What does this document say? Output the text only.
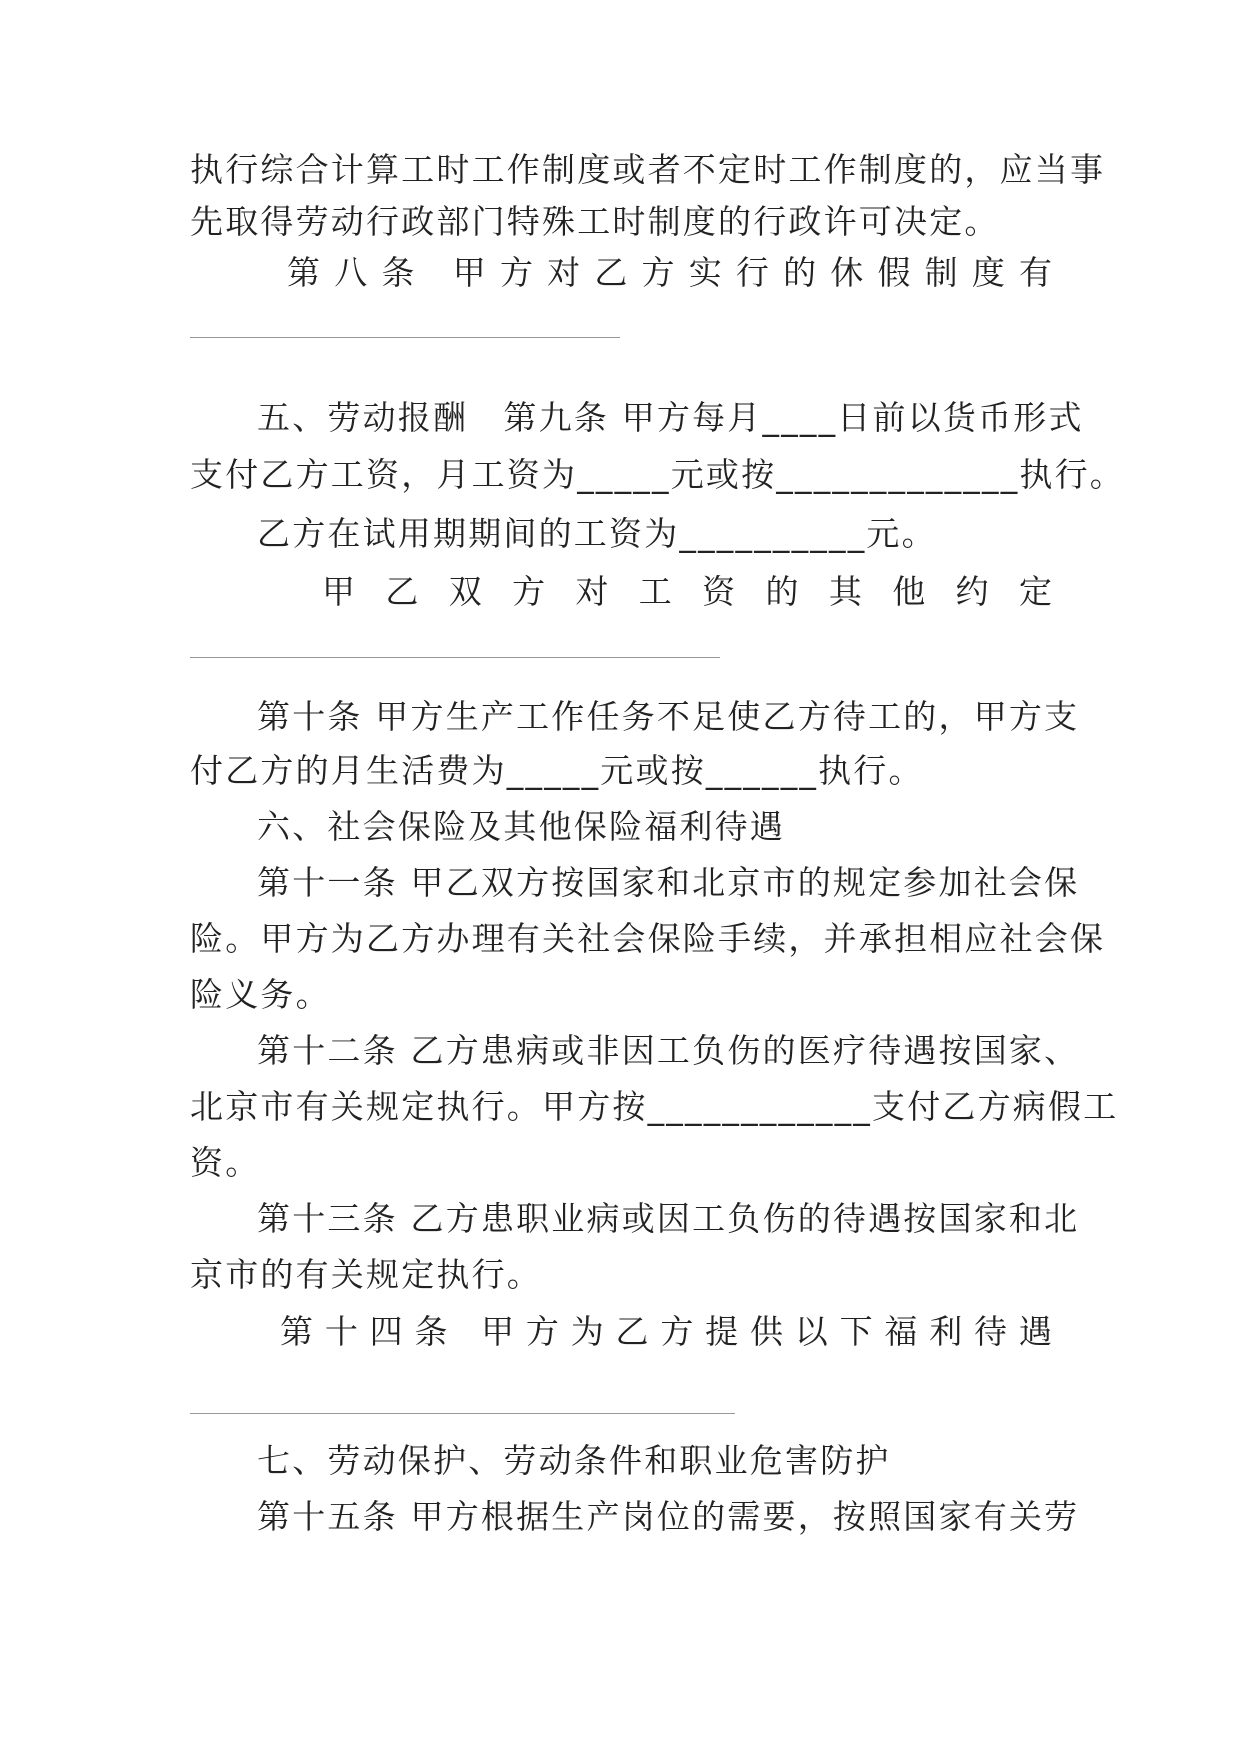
执行综合计算工时工作制度或者不定时工作制度的，应当事
先取得劳动行政部门特殊工时制度的行政许可决定。
第 八 条 甲 方 对 乙 方 实 行 的 休 假 制 度 有
五、劳动报酬　第九条 甲方每月____日前以货币形式
支付乙方工资，月工资为_____元或按_____________执行。
乙方在试用期期间的工资为__________元。
甲 乙 双 方 对 工 资 的 其 他 约 定
第十条 甲方生产工作任务不足使乙方待工的，甲方支
付乙方的月生活费为_____元或按______执行。
六、社会保险及其他保险福利待遇
第十一条 甲乙双方按国家和北京市的规定参加社会保
险。甲方为乙方办理有关社会保险手续，并承担相应社会保
险义务。
第十二条 乙方患病或非因工负伤的医疗待遇按国家、
北京市有关规定执行。甲方按____________支付乙方病假工
资。
第十三条 乙方患职业病或因工负伤的待遇按国家和北
京市的有关规定执行。
第 十 四 条 甲 方 为 乙 方 提 供 以 下 福 利 待 遇
七、劳动保护、劳动条件和职业危害防护
第十五条 甲方根据生产岗位的需要，按照国家有关劳
